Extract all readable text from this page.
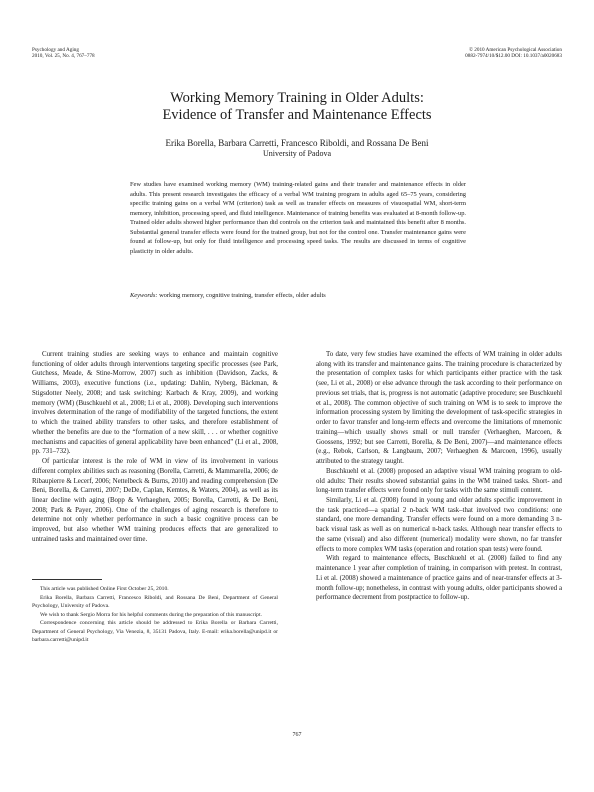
Psychology and Aging
2010, Vol. 25, No. 4, 767–778
© 2010 American Psychological Association
0882-7974/10/$12.00 DOI: 10.1037/a0020683
Working Memory Training in Older Adults:
Evidence of Transfer and Maintenance Effects
Erika Borella, Barbara Carretti, Francesco Riboldi, and Rossana De Beni
University of Padova

Few studies have examined working memory (WM) training-related gains and their transfer and maintenance effects in older adults. This present research investigates the efficacy of a verbal WM training program in adults aged 65–75 years, considering specific training gains on a verbal WM (criterion) task as well as transfer effects on measures of visuospatial WM, short-term memory, inhibition, processing speed, and fluid intelligence. Maintenance of training benefits was evaluated at 8-month follow-up. Trained older adults showed higher performance than did controls on the criterion task and maintained this benefit after 8 months. Substantial general transfer effects were found for the trained group, but not for the control one. Transfer maintenance gains were found at follow-up, but only for fluid intelligence and processing speed tasks. The results are discussed in terms of cognitive plasticity in older adults.

Keywords: working memory, cognitive training, transfer effects, older adults

Current training studies are seeking ways to enhance and maintain cognitive functioning of older adults through interventions targeting specific processes (see Park, Gutchess, Meade, & Stine-Morrow, 2007) such as inhibition (Davidson, Zacks, & Williams, 2003), executive functions (i.e., updating: Dahlin, Nyberg, Bäckman, & Stigsdotter Neely, 2008; and task switching: Karbach & Kray, 2009), and working memory (WM) (Buschkuehl et al., 2008; Li et al., 2008). Developing such interventions involves determination of the range of modifiability of the targeted functions, the extent to which the trained ability transfers to other tasks, and therefore establishment of whether the benefits are due to the “formation of a new skill, . . . or whether cognitive mechanisms and capacities of general applicability have been enhanced” (Li et al., 2008, pp. 731–732).

Of particular interest is the role of WM in view of its involvement in various different complex abilities such as reasoning (Borella, Carretti, & Mammarella, 2006; de Ribaupierre & Lecerf, 2006; Nettelbeck & Burns, 2010) and reading comprehension (De Beni, Borella, & Carretti, 2007; DeDe, Caplan, Kemtes, & Waters, 2004), as well as its linear decline with aging (Bopp & Verhaeghen, 2005; Borella, Carretti, & De Beni, 2008; Park & Payer, 2006). One of the challenges of aging research is therefore to determine not only whether performance in such a basic cognitive process can be improved, but also whether WM training produces effects that are generalized to untrained tasks and maintained over time.

To date, very few studies have examined the effects of WM training in older adults along with its transfer and maintenance gains. The training procedure is characterized by the presentation of complex tasks for which participants either practice with the task (see, Li et al., 2008) or else advance through the task according to their performance on previous set trials, that is, progress is not automatic (adaptive procedure; see Buschkuehl et al., 2008). The common objective of such training on WM is to seek to improve the information processing system by limiting the development of task-specific strategies in order to favor transfer and long-term effects and overcome the limitations of mnemonic training—which usually shows small or null transfer (Verhaeghen, Marcoen, & Goossens, 1992; but see Carretti, Borella, & De Beni, 2007)—and maintenance effects (e.g., Rebok, Carlson, & Langbaum, 2007; Verhaeghen & Marcoen, 1996), usually attributed to the strategy taught.

Buschkuehl et al. (2008) proposed an adaptive visual WM training program to old-old adults: Their results showed substantial gains in the WM trained tasks. Short- and long-term transfer effects were found only for tasks with the same stimuli content.

Similarly, Li et al. (2008) found in young and older adults specific improvement in the task practiced—a spatial 2 n-back WM task–that involved two conditions: one standard, one more demanding. Transfer effects were found on a more demanding 3 n-back visual task as well as on numerical n-back tasks. Although near transfer effects to the same (visual) and also different (numerical) modality were shown, no far transfer effects to more complex WM tasks (operation and rotation span tests) were found.

With regard to maintenance effects, Buschkuehl et al. (2008) failed to find any maintenance 1 year after completion of training, in comparison with pretest. In contrast, Li et al. (2008) showed a maintenance of practice gains and of near-transfer effects at 3-month follow-up; nonetheless, in contrast with young adults, older participants showed a performance decrement from postpractice to follow-up.

This article was published Online First October 25, 2010.

Erika Borella, Barbara Carretti, Francesco Riboldi, and Rossana De Beni, Department of General Psychology, University of Padova.

We wish to thank Sergio Morra for his helpful comments during the preparation of this manuscript.

Correspondence concerning this article should be addressed to Erika Borella or Barbara Carretti, Department of General Psychology, Via Venezia, 8, 35131 Padova, Italy. E-mail: erika.borella@unipd.it or barbara.carretti@unipd.it

767
